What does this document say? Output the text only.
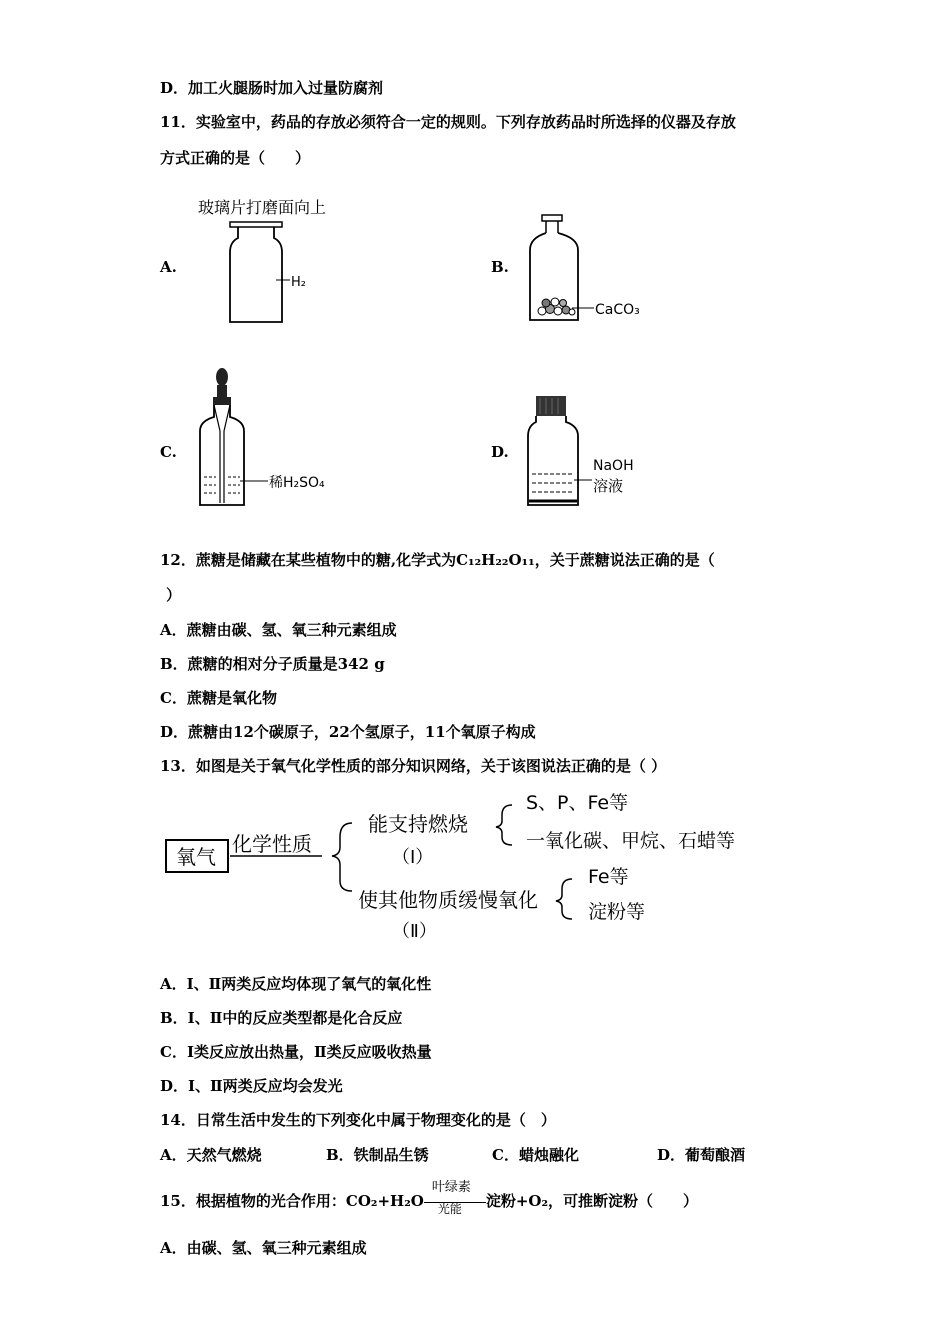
D．加工火腿肠时加入过量防腐剂
11．实验室中，药品的存放必须符合一定的规则。下列存放药品时所选择的仪器及存放
方式正确的是（　　）
A.	B.
C.	D.
玻璃片打磨面向上
H₂
CaCO₃
稀H₂SO₄
NaOH
溶液
12．蔗糖是储藏在某些植物中的糖,化学式为C₁₂H₂₂O₁₁，关于蔗糖说法正确的是（
）
A．蔗糖由碳、氢、氧三种元素组成
B．蔗糖的相对分子质量是342 g
C．蔗糖是氧化物
D．蔗糖由12个碳原子，22个氢原子，11个氧原子构成
13．如图是关于氧气化学性质的部分知识网络，关于该图说法正确的是（ ）
氧气
化学性质
能支持燃烧
（Ⅰ）
S、P、Fe等
一氧化碳、甲烷、石蜡等
使其他物质缓慢氧化
（Ⅱ）
Fe等
淀粉等
A．Ⅰ、Ⅱ两类反应均体现了氧气的氧化性
B．Ⅰ、Ⅱ中的反应类型都是化合反应
C．Ⅰ类反应放出热量，Ⅱ类反应吸收热量
D．Ⅰ、Ⅱ两类反应均会发光
14．日常生活中发生的下列变化中属于物理变化的是（　）
A．天然气燃烧	B．铁制品生锈	C．蜡烛融化	D．葡萄酿酒
15．根据植物的光合作用：$CO_2+H_2O \frac{\text{叶绿素}}{\text{光能}}$ 淀粉+O₂，可推断淀粉（　　）
A．由碳、氢、氧三种元素组成
